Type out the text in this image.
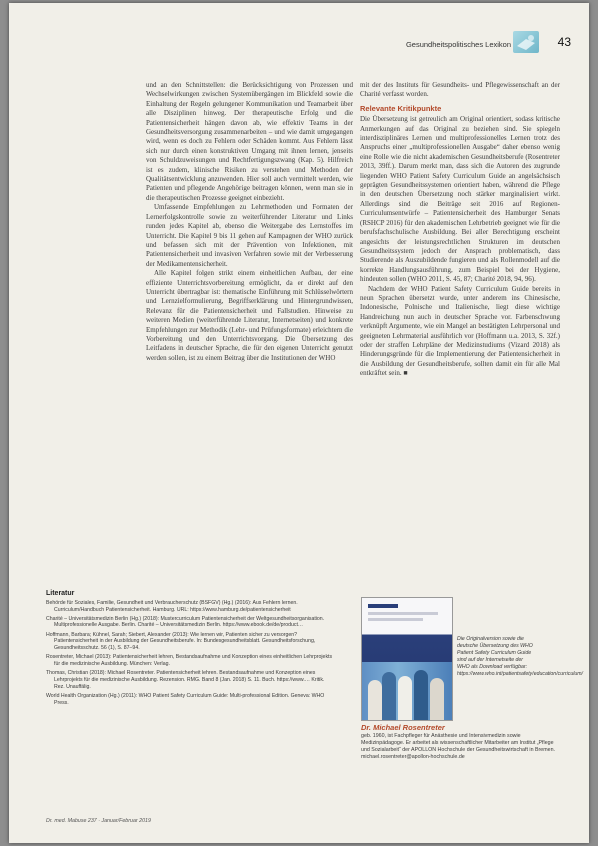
Gesundheitspolitisches Lexikon	43

und an den Schnittstellen: die Berücksichtigung von Prozessen und Wechselwirkungen zwischen Systemübergängen im Blickfeld sowie die Einhaltung der Regeln gelungener Kommunikation und Teamarbeit über alle Disziplinen hinweg. Der therapeutische Erfolg und die Patientensicherheit hängen davon ab, wie effektiv Teams in der Gesundheitsversorgung zusammenarbeiten – und wie damit umgegangen wird, wenn es doch zu Fehlern oder Schäden kommt. Aus Fehlern lässt sich nur durch einen konstruktiven Umgang mit ihnen lernen, jenseits von Schuldzuweisungen und Rechtfertigungszwang (Kap. 5). Hilfreich ist es zudem, klinische Risiken zu verstehen und Methoden der Qualitätsentwicklung anzuwenden. Hier soll auch vermittelt werden, wie Patienten und pflegende Angehörige beitragen können, wenn man sie in die therapeutischen Prozesse geeignet einbezieht.

Umfassende Empfehlungen zu Lehrmethoden und Formaten der Lernerfolgskontrolle sowie zu weiterführender Literatur und Links runden jedes Kapitel ab, ebenso die Weitergabe des Lernstoffes im Unterricht. Die Kapitel 9 bis 11 gehen auf Kampagnen der WHO zurück und befassen sich mit der Prävention von Infektionen, mit Patientensicherheit und invasiven Verfahren sowie mit der Verbesserung der Medikamentensicherheit.

Alle Kapitel folgen strikt einem einheitlichen Aufbau, der eine effiziente Unterrichtsvorbereitung ermöglicht, da er direkt auf den Unterricht übertragbar ist: thematische Einführung mit Schlüsselwörtern und Lernzielformulierung, Begriffserklärung und Hintergrundwissen, Relevanz für die Patientensicherheit und Fallstudien. Hinweise zu weiteren Medien (weiterführende Literatur, Internetseiten) und konkrete Empfehlungen zur Methodik (Lehr- und Prüfungsformate) erleichtern die Vorbereitung und den Unterrichtsvorgang. Die Übersetzung des Leitfadens in deutscher Sprache, die für den eigenen Unterricht genutzt werden sollen, ist zu einem Beitrag über die Institutionen der WHO

mit der des Instituts für Gesundheits- und Pflegewissenschaft an der Charité verfasst worden.

Relevante Kritikpunkte

Die Übersetzung ist getreulich am Original orientiert, sodass kritische Anmerkungen auf das Original zu beziehen sind. Sie spiegeln interdisziplinäres Lernen und multiprofessionelles Lernen trotz des Anspruchs einer „multiprofessionellen Ausgabe“ daher ebenso wenig eine Rolle wie die nicht akademischen Gesundheitsberufe (Rosentreter 2013, 39ff.). Darum merkt man, dass sich die Autoren des zugrunde liegenden WHO Patient Safety Curriculum Guide an angelsächsisch geprägten Gesundheitssystemen orientiert haben, während die Pflege in den deutschen Übersetzung noch stärker marginalisiert wirkt. Allerdings sind die Beiträge seit 2016 auf Regionen- Curriculumsentwürfe – Patientensicherheit des Hamburger Senats (RSHCP 2016) für den akademischen Lehrbetrieb geeignet wie für die berufsfachschulische Ausbildung. Bei aller Berechtigung erscheint angesichts der leistungsrechtlichen Strukturen im deutschen Gesundheitssystem jedoch der Ansprach problematisch, dass Studierende als Auszubildende fungieren und als Rollenmodell auf die korrekte Handlungsausführung, zum Beispiel bei der Hygiene, hindeuten sollen (WHO 2011, S. 45, 87; Charité 2018, 94, 96).

Nachdem der WHO Patient Safety Curriculum Guide bereits in neun Sprachen übersetzt wurde, unter anderem ins Chinesische, Indonesische, Polnische und Italienische, liegt diese wichtige Handreichung nun auch in deutscher Sprache vor. Farbenschwung verknüpft Argumente, wie ein Mangel an bestätigten Lehrpersonal und geeigneten Lehrmaterial ausführlich vor (Hoffmann u.a. 2013, S. 32f.) oder der straffen Lehrpläne der Medizinstudiums (Vizard 2018) als Hinderungsgründe für die Implementierung der Patientensicherheit in die Ausbildung der Gesundheitsberufe, sollten damit ein für alle Mal entkräftet sein. ■

Literatur
Behörde für Soziales, Familie, Gesundheit und Verbraucherschutz (BSFGV) (Hg.) (2016): Aus Fehlern lernen. Curriculum/Handbuch Patientensicherheit. Hamburg. URL: https://www.hamburg.de/patientensicherheit
Charité – Universitätsmedizin Berlin (Hg.) (2018): Mustercurriculum Patientensicherheit der Weltgesundheitsorganisation. Multiprofessionelle Ausgabe. Berlin. Charité – Universitätsmedizin Berlin. https://www.ebook.de/de/product…
Hoffmann, Barbara; Kühnel, Sarah; Siebert, Alexander (2013): Wie lernen wir, Patienten sicher zu versorgen? Patientensicherheit in der Ausbildung der Gesundheitsberufe. In: Bundesgesundheitsblatt. Gesundheitsforschung, Gesundheitsschutz. 56 (1), S. 87–94.
Rosentreter, Michael (2013): Patientensicherheit lehren, Bestandsaufnahme und Konzeption eines einheitlichen Lehrprojekts für die medizinische Ausbildung. München: Verlag.
Thomas, Christian (2018): Michael Rosentreter. Patientensicherheit lehren. Bestandsaufnahme und Konzeption eines Lehrprojekts für die medizinische Ausbildung. Rezension. RMG. Band 8 (Jan. 2018) S. 11. Buch. https://www.… Kritik. Rez. Unauffälig.
World Health Organization (Hg.) (2011): WHO Patient Safety Curriculum Guide: Multi-professional Edition. Geneva: WHO Press.
Die Originalversion sowie die deutsche Übersetzung des WHO Patient Safety Curriculum Guide sind auf der Internetseite der WHO als Download verfügbar: https://www.who.int/patientsafety/education/curriculum/
Dr. Michael Rosentreter
geb. 1960, ist Fachpfleger für Anästhesie und Intensivmedizin sowie Medizinpädagoge. Er arbeitet als wissenschaftlicher Mitarbeiter am Institut „Pflege und Sozialarbeit“ der APOLLON Hochschule der Gesundheitswirtschaft in Bremen. michael.rosentreter@apollon-hochschule.de
Dr. med. Mabuse 237 · Januar/Februar 2019
